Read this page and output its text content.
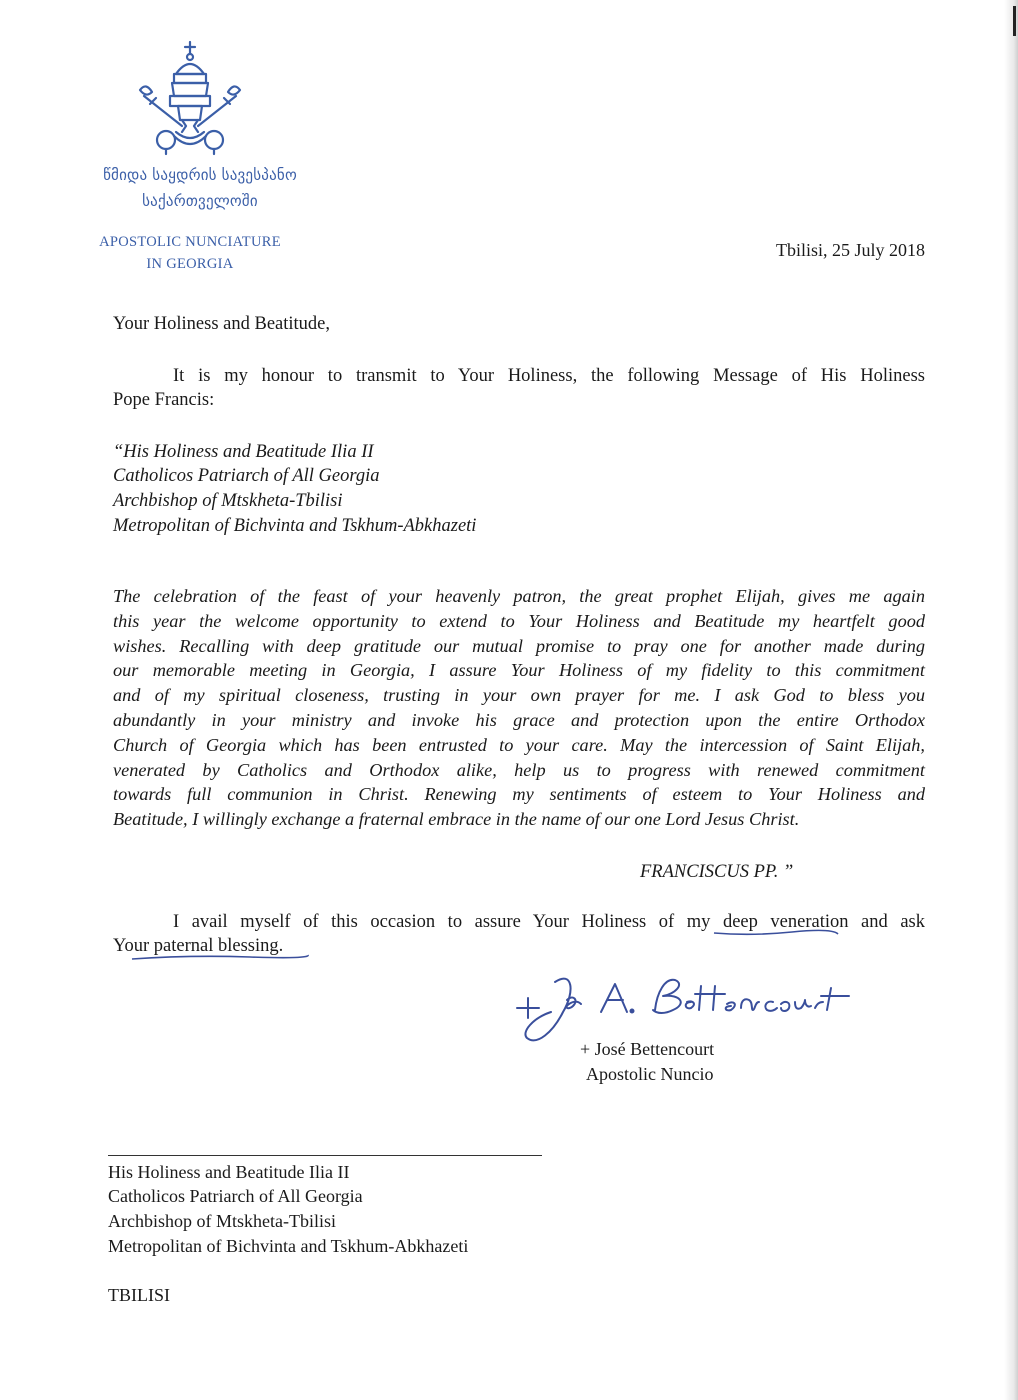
წმიდა საყდრის სავესპანო
საქართველოში
APOSTOLIC NUNCIATURE
IN GEORGIA
Tbilisi, 25 July 2018
Your Holiness and Beatitude,
It is my honour to transmit to Your Holiness, the following Message of His Holiness
Pope Francis:
“His Holiness and Beatitude Ilia II
Catholicos Patriarch of All Georgia
Archbishop of Mtskheta-Tbilisi
Metropolitan of Bichvinta and Tskhum-Abkhazeti
The celebration of the feast of your heavenly patron, the great prophet Elijah, gives me again
this year the welcome opportunity to extend to Your Holiness and Beatitude my heartfelt good
wishes. Recalling with deep gratitude our mutual promise to pray one for another made during
our memorable meeting in Georgia, I assure Your Holiness of my fidelity to this commitment
and of my spiritual closeness, trusting in your own prayer for me. I ask God to bless you
abundantly in your ministry and invoke his grace and protection upon the entire Orthodox
Church of Georgia which has been entrusted to your care. May the intercession of Saint Elijah,
venerated by Catholics and Orthodox alike, help us to progress with renewed commitment
towards full communion in Christ. Renewing my sentiments of esteem to Your Holiness and
Beatitude, I willingly exchange a fraternal embrace in the name of our one Lord Jesus Christ.
FRANCISCUS PP. ”
I avail myself of this occasion to assure Your Holiness of my deep veneration and ask
Your paternal blessing.
+ José Bettencourt
Apostolic Nuncio
His Holiness and Beatitude Ilia II
Catholicos Patriarch of All Georgia
Archbishop of Mtskheta-Tbilisi
Metropolitan of Bichvinta and Tskhum-Abkhazeti
TBILISI
